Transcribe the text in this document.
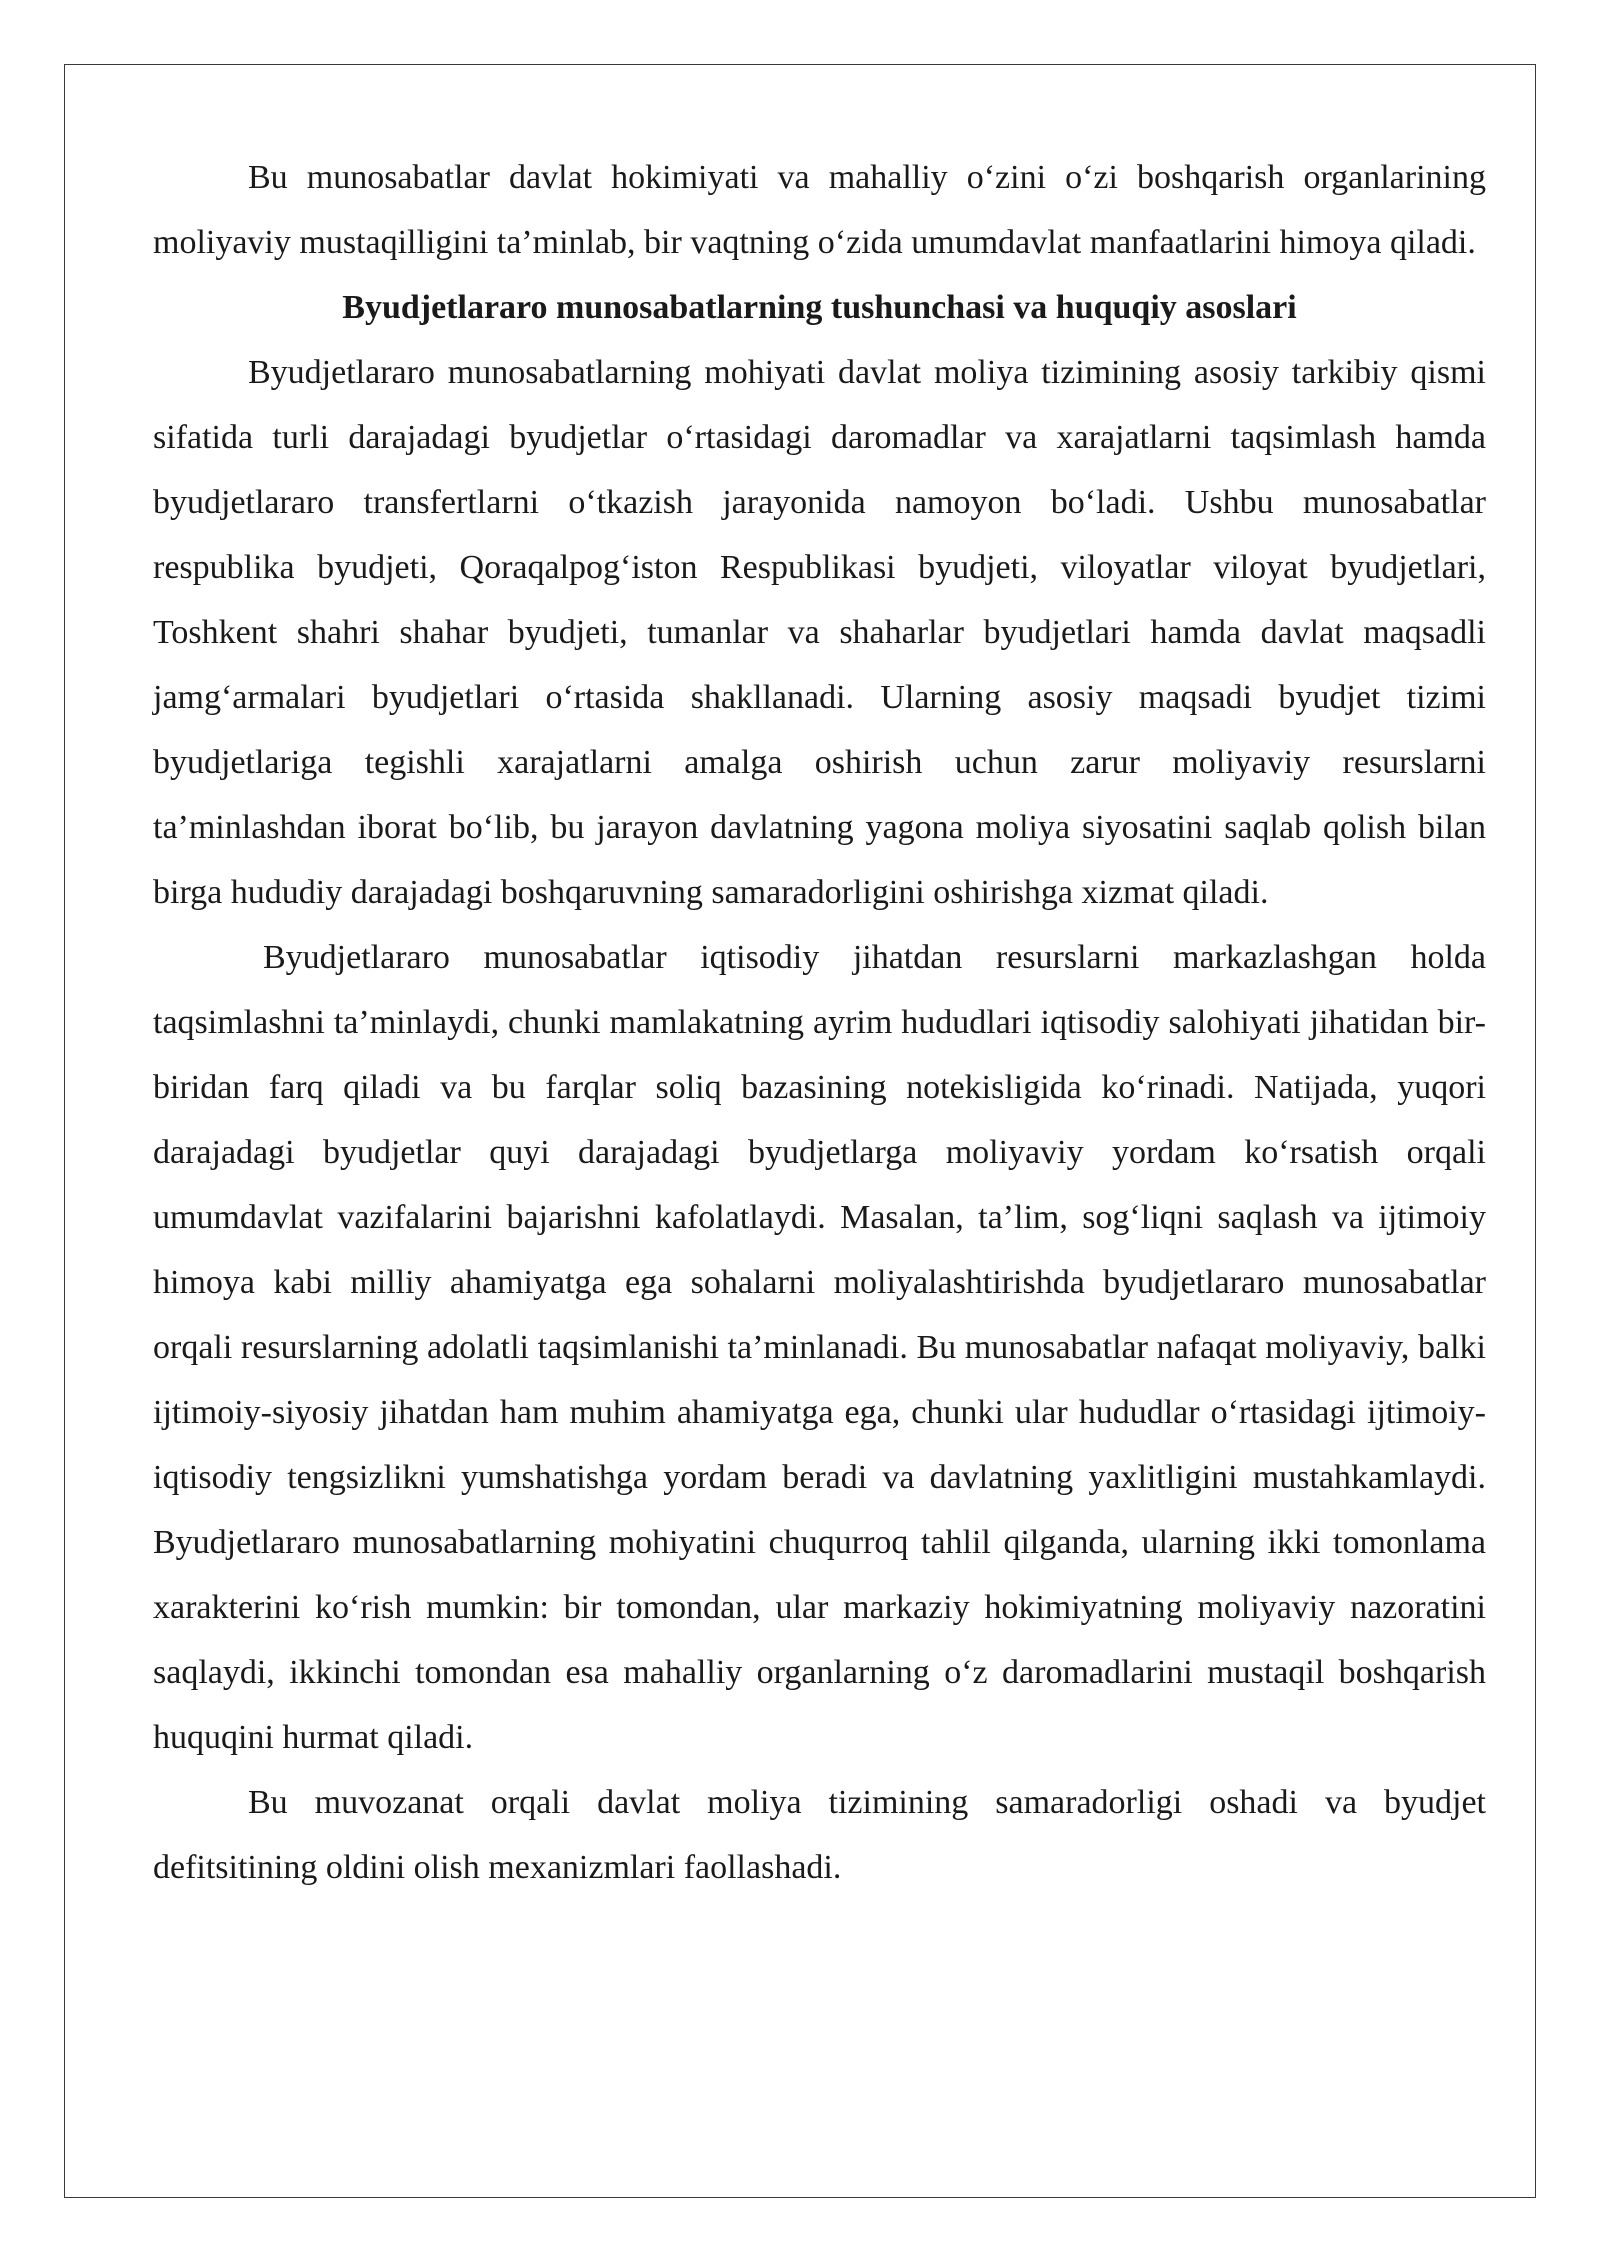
Bu munosabatlar davlat hokimiyati va mahalliy o‘zini o‘zi boshqarish organlarining moliyaviy mustaqilligini ta’minlab, bir vaqtning o‘zida umumdavlat manfaatlarini himoya qiladi.

Byudjetlararo munosabatlarning tushunchasi va huquqiy asoslari

Byudjetlararo munosabatlarning mohiyati davlat moliya tizimining asosiy tarkibiy qismi sifatida turli darajadagi byudjetlar o‘rtasidagi daromadlar va xarajatlarni taqsimlash hamda byudjetlararo transfertlarni o‘tkazish jarayonida namoyon bo‘ladi. Ushbu munosabatlar respublika byudjeti, Qoraqalpog‘iston Respublikasi byudjeti, viloyatlar viloyat byudjetlari, Toshkent shahri shahar byudjeti, tumanlar va shaharlar byudjetlari hamda davlat maqsadli jamg‘armalari byudjetlari o‘rtasida shakllanadi. Ularning asosiy maqsadi byudjet tizimi byudjetlariga tegishli xarajatlarni amalga oshirish uchun zarur moliyaviy resurslarni ta’minlashdan iborat bo‘lib, bu jarayon davlatning yagona moliya siyosatini saqlab qolish bilan birga hududiy darajadagi boshqaruvning samaradorligini oshirishga xizmat qiladi.

Byudjetlararo munosabatlar iqtisodiy jihatdan resurslarni markazlashgan holda taqsimlashni ta’minlaydi, chunki mamlakatning ayrim hududlari iqtisodiy salohiyati jihatidan bir-biridan farq qiladi va bu farqlar soliq bazasining notekisligida ko‘rinadi. Natijada, yuqori darajadagi byudjetlar quyi darajadagi byudjetlarga moliyaviy yordam ko‘rsatish orqali umumdavlat vazifalarini bajarishni kafolatlaydi. Masalan, ta’lim, sog‘liqni saqlash va ijtimoiy himoya kabi milliy ahamiyatga ega sohalarni moliyalashtirishda byudjetlararo munosabatlar orqali resurslarning adolatli taqsimlanishi ta’minlanadi. Bu munosabatlar nafaqat moliyaviy, balki ijtimoiy-siyosiy jihatdan ham muhim ahamiyatga ega, chunki ular hududlar o‘rtasidagi ijtimoiy-iqtisodiy tengsizlikni yumshatishga yordam beradi va davlatning yaxlitligini mustahkamlaydi. Byudjetlararo munosabatlarning mohiyatini chuqurroq tahlil qilganda, ularning ikki tomonlama xarakterini ko‘rish mumkin: bir tomondan, ular markaziy hokimiyatning moliyaviy nazoratini saqlaydi, ikkinchi tomondan esa mahalliy organlarning o‘z daromadlarini mustaqil boshqarish huquqini hurmat qiladi.

Bu muvozanat orqali davlat moliya tizimining samaradorligi oshadi va byudjet defitsitining oldini olish mexanizmlari faollashadi.
